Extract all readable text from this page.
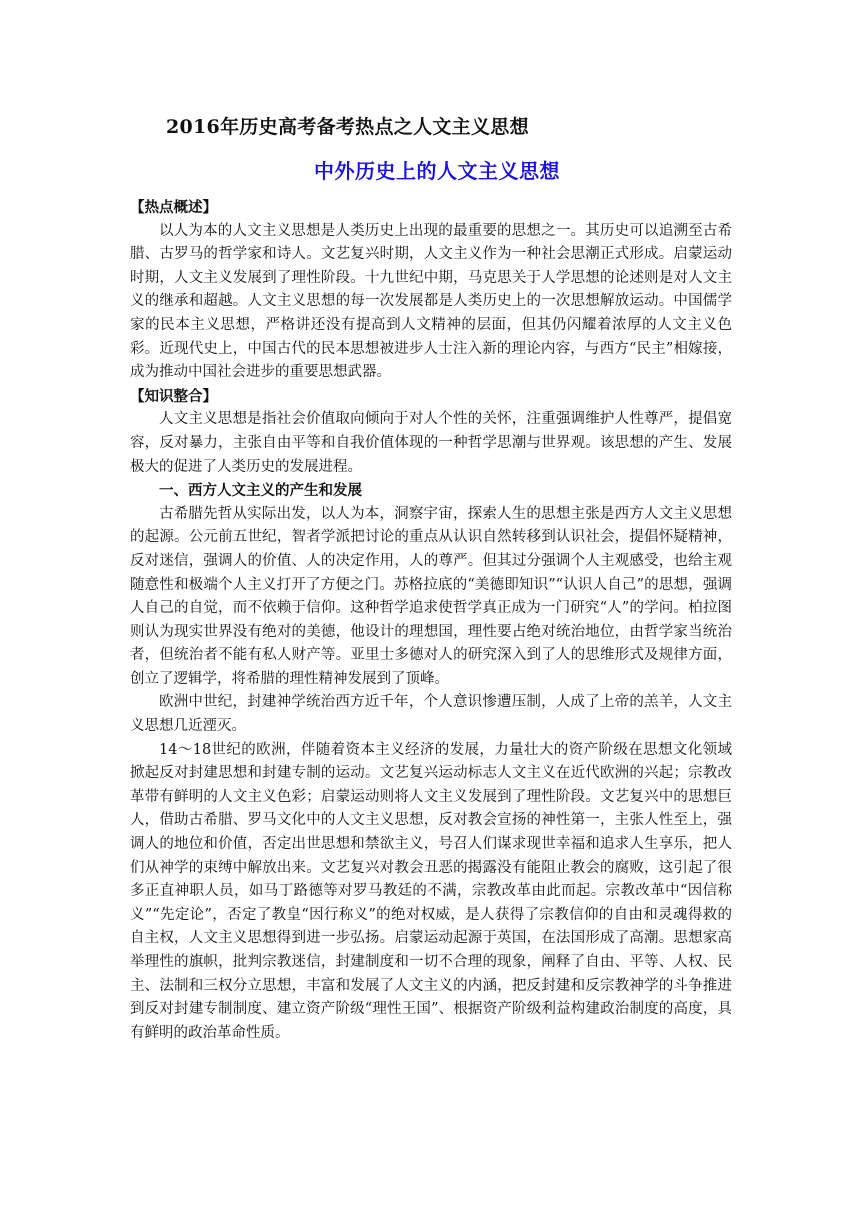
2016年历史高考备考热点之人文主义思想
中外历史上的人文主义思想

【热点概述】

以人为本的人文主义思想是人类历史上出现的最重要的思想之一。其历史可以追溯至古希腊、古罗马的哲学家和诗人。文艺复兴时期，人文主义作为一种社会思潮正式形成。启蒙运动时期，人文主义发展到了理性阶段。十九世纪中期，马克思关于人学思想的论述则是对人文主义的继承和超越。人文主义思想的每一次发展都是人类历史上的一次思想解放运动。中国儒学家的民本主义思想，严格讲还没有提高到人文精神的层面，但其仍闪耀着浓厚的人文主义色彩。近现代史上，中国古代的民本思想被进步人士注入新的理论内容，与西方“民主”相嫁接，成为推动中国社会进步的重要思想武器。

【知识整合】

人文主义思想是指社会价值取向倾向于对人个性的关怀，注重强调维护人性尊严，提倡宽容，反对暴力，主张自由平等和自我价值体现的一种哲学思潮与世界观。该思想的产生、发展极大的促进了人类历史的发展进程。

一、西方人文主义的产生和发展

古希腊先哲从实际出发，以人为本，洞察宇宙，探索人生的思想主张是西方人文主义思想的起源。公元前五世纪，智者学派把讨论的重点从认识自然转移到认识社会，提倡怀疑精神，反对迷信，强调人的价值、人的决定作用，人的尊严。但其过分强调个人主观感受，也给主观随意性和极端个人主义打开了方便之门。苏格拉底的“美德即知识”“认识人自己”的思想，强调人自己的自觉，而不依赖于信仰。这种哲学追求使哲学真正成为一门研究“人”的学问。柏拉图则认为现实世界没有绝对的美德，他设计的理想国，理性要占绝对统治地位，由哲学家当统治者，但统治者不能有私人财产等。亚里士多德对人的研究深入到了人的思维形式及规律方面，创立了逻辑学，将希腊的理性精神发展到了顶峰。

欧洲中世纪，封建神学统治西方近千年，个人意识惨遭压制，人成了上帝的羔羊，人文主义思想几近湮灭。

14～18世纪的欧洲，伴随着资本主义经济的发展，力量壮大的资产阶级在思想文化领域掀起反对封建思想和封建专制的运动。文艺复兴运动标志人文主义在近代欧洲的兴起；宗教改革带有鲜明的人文主义色彩；启蒙运动则将人文主义发展到了理性阶段。文艺复兴中的思想巨人，借助古希腊、罗马文化中的人文主义思想，反对教会宣扬的神性第一，主张人性至上，强调人的地位和价值，否定出世思想和禁欲主义，号召人们谋求现世幸福和追求人生享乐，把人们从神学的束缚中解放出来。文艺复兴对教会丑恶的揭露没有能阻止教会的腐败，这引起了很多正直神职人员，如马丁路德等对罗马教廷的不满，宗教改革由此而起。宗教改革中“因信称义”“先定论”，否定了教皇“因行称义”的绝对权威，是人获得了宗教信仰的自由和灵魂得救的自主权，人文主义思想得到进一步弘扬。启蒙运动起源于英国，在法国形成了高潮。思想家高举理性的旗帜，批判宗教迷信，封建制度和一切不合理的现象，阐释了自由、平等、人权、民主、法制和三权分立思想，丰富和发展了人文主义的内涵，把反封建和反宗教神学的斗争推进到反对封建专制制度、建立资产阶级“理性王国”、根据资产阶级利益构建政治制度的高度，具有鲜明的政治革命性质。
